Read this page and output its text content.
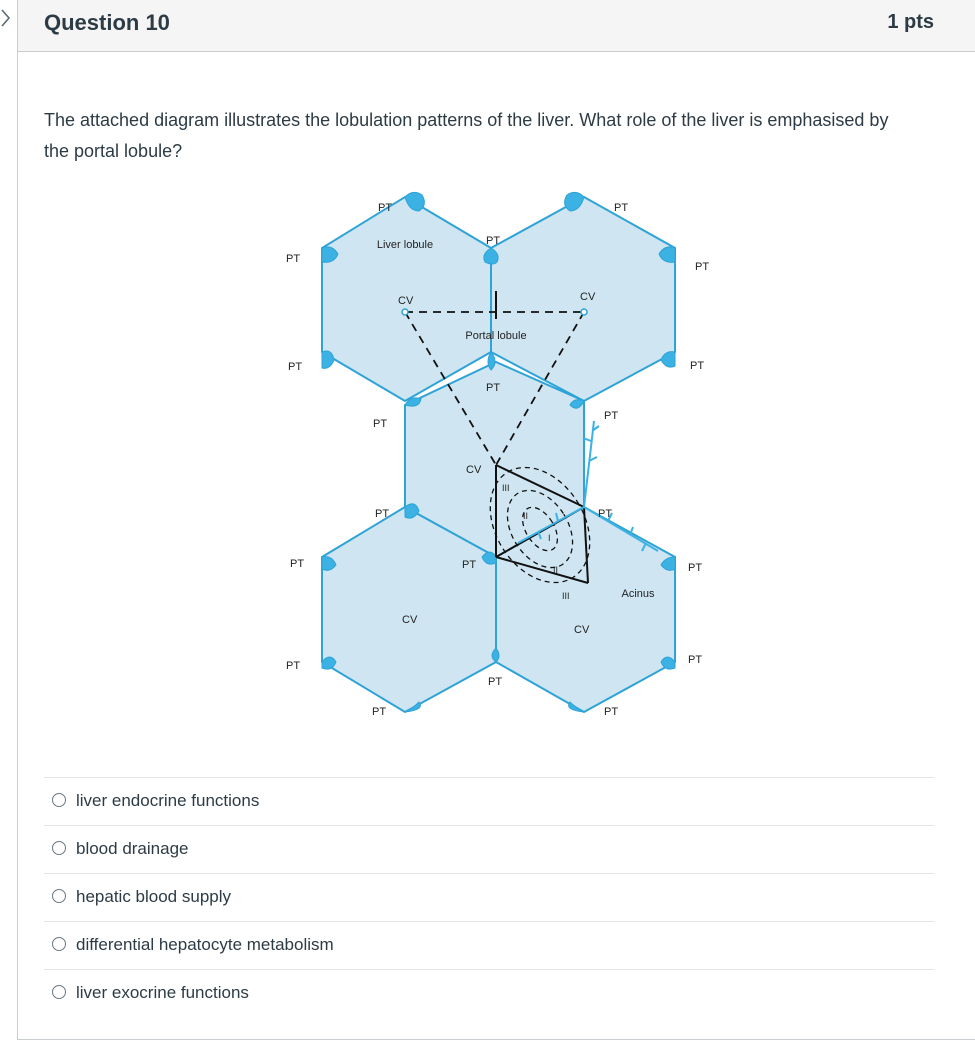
Question 10	1 pts
The attached diagram illustrates the lobulation patterns of the liver. What role of the liver is emphasised by the portal lobule?
Liver lobule
Portal lobule
Acinus
PT	PT
PT
PT
PT
PT	PT
PT
PT
PT
PT	PT
PT	PT	PT
PT	PT
PT
PT	PT
CV	CV
CV
CV
CV
III
II
I
II
III
liver endocrine functions
blood drainage
hepatic blood supply
differential hepatocyte metabolism
liver exocrine functions
